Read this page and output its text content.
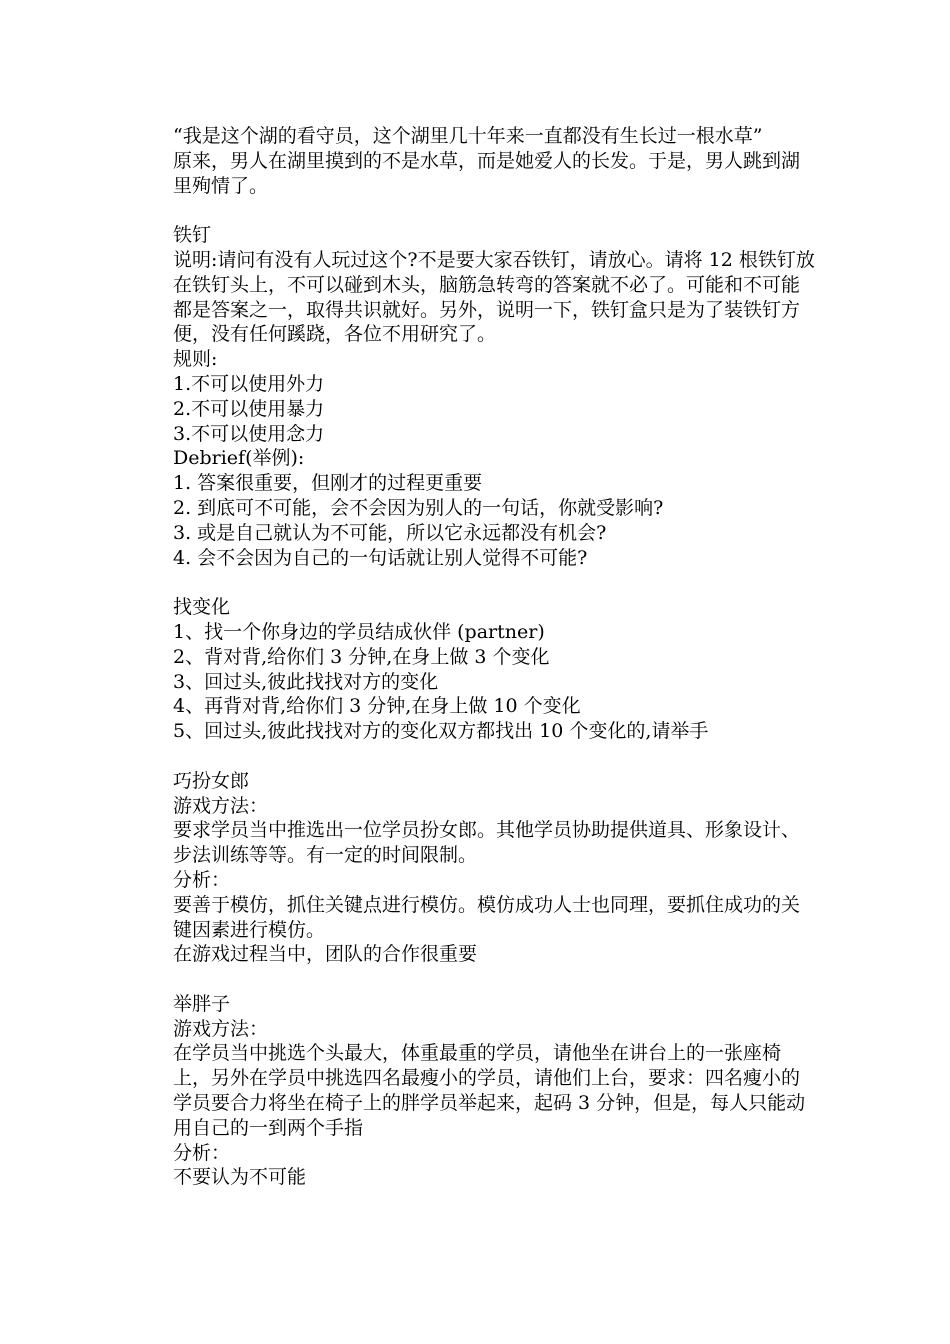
“我是这个湖的看守员，这个湖里几十年来一直都没有生长过一根水草”

原来，男人在湖里摸到的不是水草，而是她爱人的长发。于是，男人跳到湖里殉情了。

铁钉

说明:请问有没有人玩过这个?不是要大家吞铁钉，请放心。请将 12 根铁钉放在铁钉头上，不可以碰到木头，脑筋急转弯的答案就不必了。可能和不可能都是答案之一，取得共识就好。另外，说明一下，铁钉盒只是为了装铁钉方便，没有任何蹊跷，各位不用研究了。

规则:

1.不可以使用外力

2.不可以使用暴力

3.不可以使用念力

Debrief(举例):

1. 答案很重要，但刚才的过程更重要

2. 到底可不可能，会不会因为别人的一句话，你就受影响?

3. 或是自己就认为不可能，所以它永远都没有机会?

4. 会不会因为自己的一句话就让别人觉得不可能?

找变化

1、找一个你身边的学员结成伙伴 (partner)

2、背对背,给你们 3 分钟,在身上做 3 个变化

3、回过头,彼此找找对方的变化

4、再背对背,给你们 3 分钟,在身上做 10 个变化

5、回过头,彼此找找对方的变化双方都找出 10 个变化的,请举手

巧扮女郎

游戏方法：

要求学员当中推选出一位学员扮女郎。其他学员协助提供道具、形象设计、步法训练等等。有一定的时间限制。

分析：

要善于模仿，抓住关键点进行模仿。模仿成功人士也同理，要抓住成功的关键因素进行模仿。

在游戏过程当中，团队的合作很重要

举胖子

游戏方法：

在学员当中挑选个头最大，体重最重的学员，请他坐在讲台上的一张座椅上，另外在学员中挑选四名最瘦小的学员，请他们上台，要求：四名瘦小的学员要合力将坐在椅子上的胖学员举起来，起码 3 分钟，但是，每人只能动用自己的一到两个手指

分析：

不要认为不可能
